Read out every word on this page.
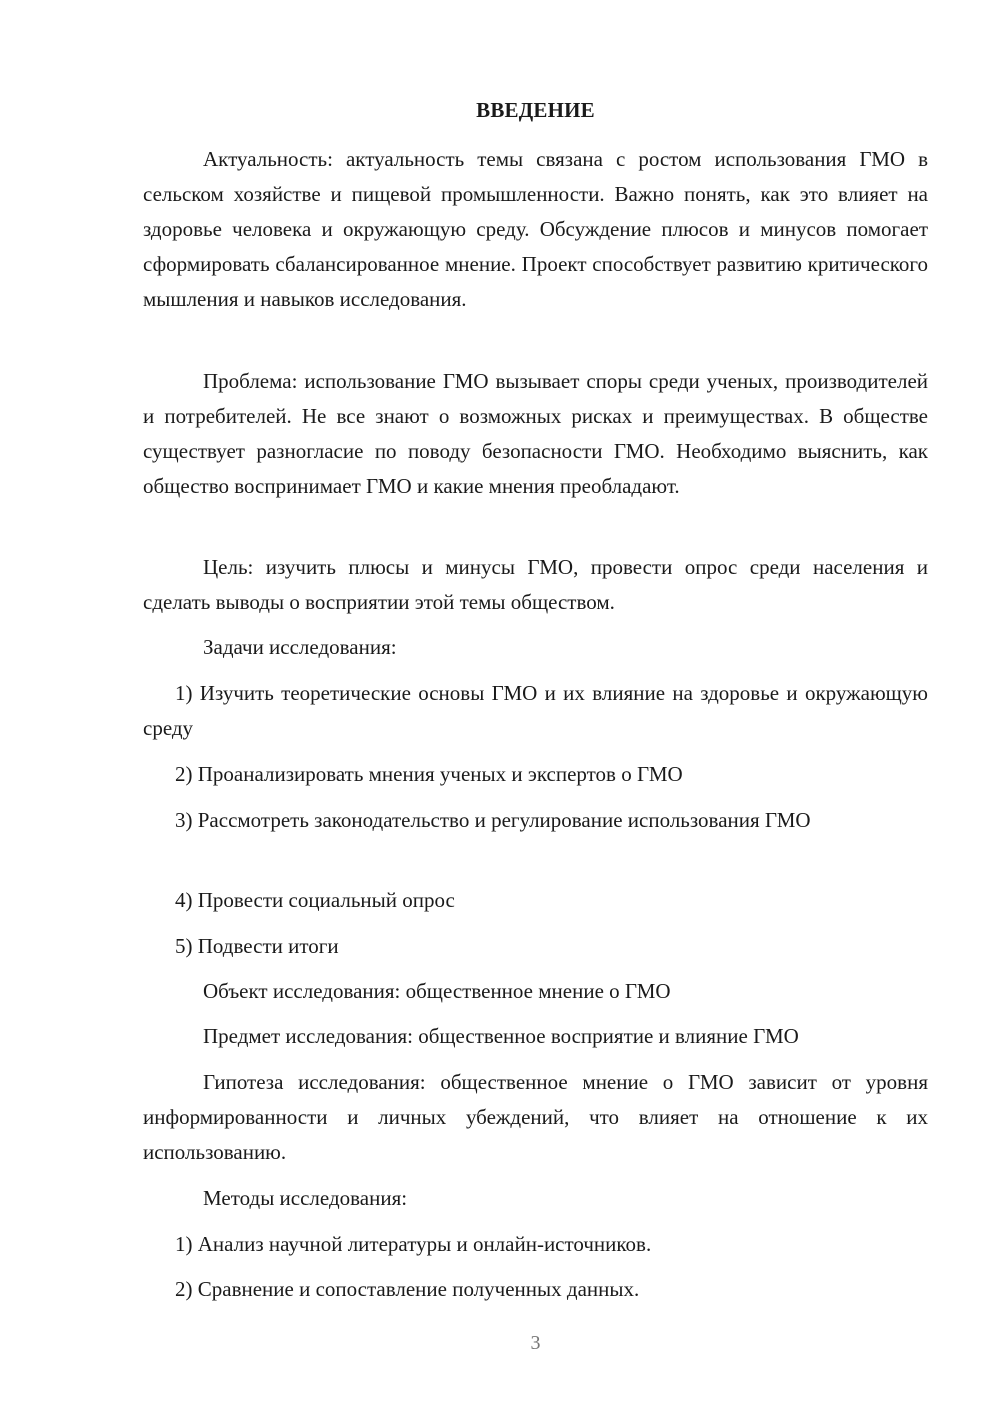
ВВЕДЕНИЕ

Актуальность: актуальность темы связана с ростом использования ГМО в сельском хозяйстве и пищевой промышленности. Важно понять, как это влияет на здоровье человека и окружающую среду. Обсуждение плюсов и минусов помогает сформировать сбалансированное мнение. Проект способствует развитию критического мышления и навыков исследования.

Проблема: использование ГМО вызывает споры среди ученых, производителей и потребителей. Не все знают о возможных рисках и преимуществах. В обществе существует разногласие по поводу безопасности ГМО. Необходимо выяснить, как общество воспринимает ГМО и какие мнения преобладают.

Цель: изучить плюсы и минусы ГМО, провести опрос среди населения и сделать выводы о восприятии этой темы обществом.

Задачи исследования:

1) Изучить теоретические основы ГМО и их влияние на здоровье и окружающую среду

2) Проанализировать мнения ученых и экспертов о ГМО

3) Рассмотреть законодательство и регулирование использования ГМО

4) Провести социальный опрос

5) Подвести итоги

Объект исследования: общественное мнение о ГМО

Предмет исследования: общественное восприятие и влияние ГМО

Гипотеза исследования: общественное мнение о ГМО зависит от уровня информированности и личных убеждений, что влияет на отношение к их использованию.

Методы исследования:

1) Анализ научной литературы и онлайн-источников.

2) Сравнение и сопоставление полученных данных.

3
